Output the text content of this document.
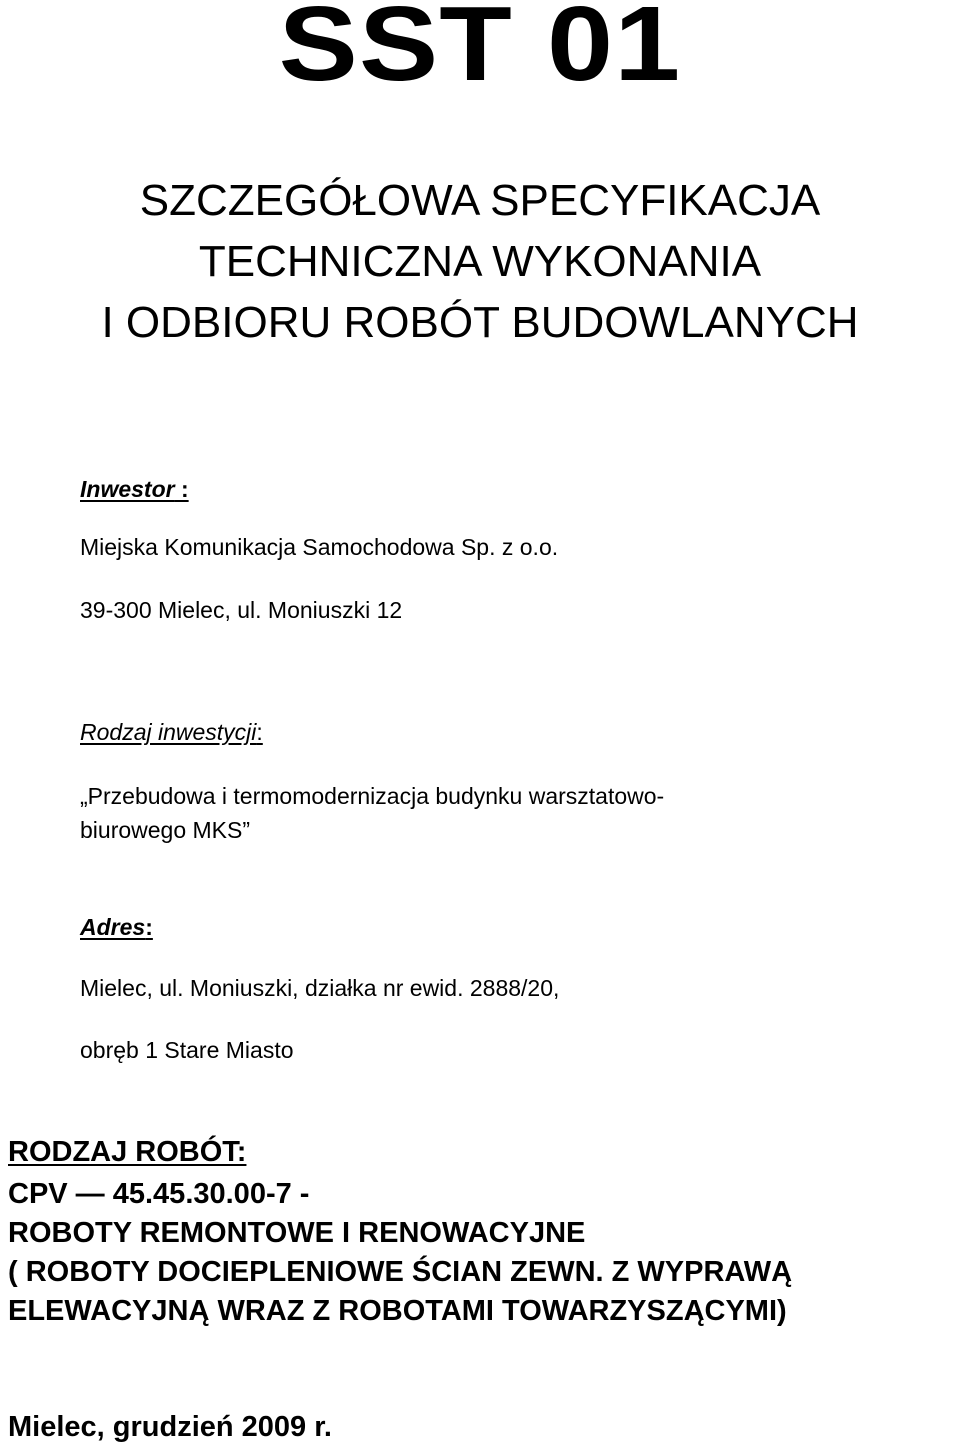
SST 01
SZCZEGÓŁOWA SPECYFIKACJA
TECHNICZNA WYKONANIA
I ODBIORU ROBÓT BUDOWLANYCH
Inwestor :
Miejska Komunikacja Samochodowa Sp. z o.o.
39-300 Mielec, ul. Moniuszki 12
Rodzaj inwestycji:
„Przebudowa i termomodernizacja budynku warsztatowo-
biurowego MKS”
Adres:
Mielec, ul. Moniuszki, działka nr ewid. 2888/20,
obręb 1 Stare Miasto
RODZAJ ROBÓT:
CPV — 45.45.30.00-7 -
ROBOTY REMONTOWE I RENOWACYJNE
( ROBOTY DOCIEPLENIOWE ŚCIAN ZEWN. Z WYPRAWĄ
ELEWACYJNĄ WRAZ Z ROBOTAMI TOWARZYSZĄCYMI)
Mielec, grudzień 2009 r.
